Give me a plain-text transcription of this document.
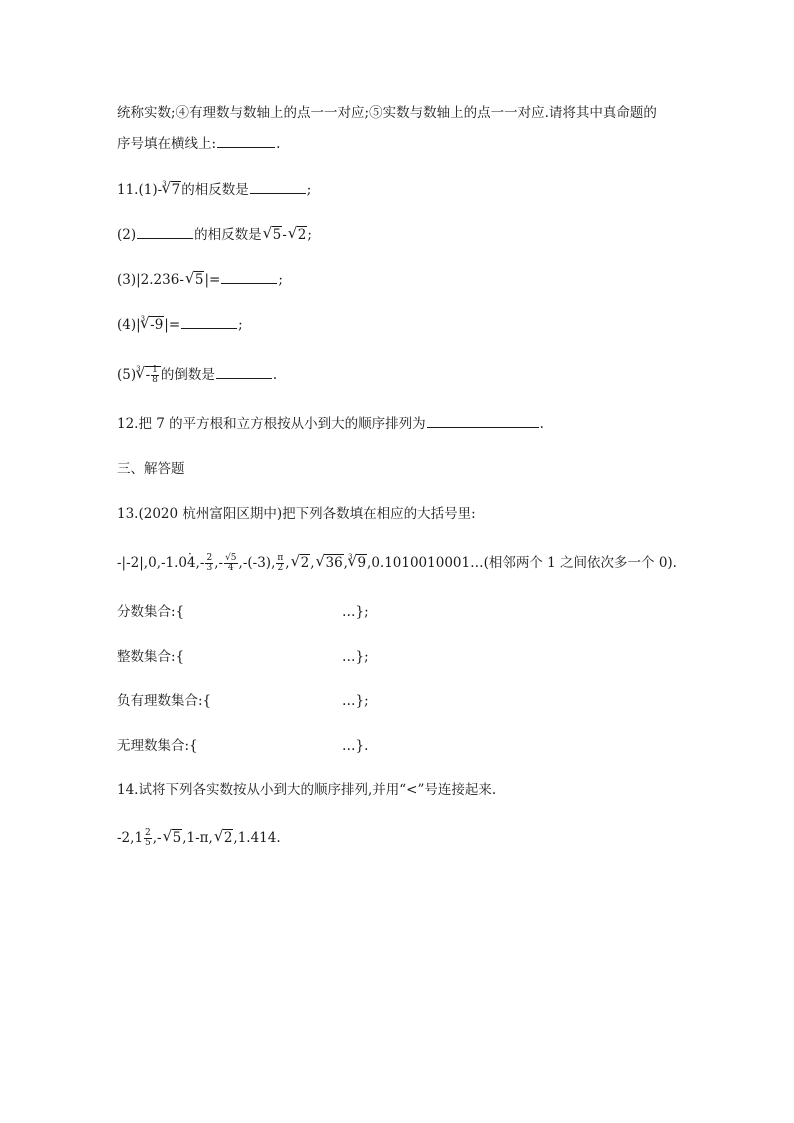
统称实数;④有理数与数轴上的点一一对应;⑤实数与数轴上的点一一对应.请将其中真命题的
序号填在横线上:	.
11.(1)-$^3$√ 7的相反数是	;
(2)	的相反数是√ 5-√ 2;
(3)|2.236-√ 5|=	;
$(4)|^3√$ -9|=	;
$(5)^3√ - \frac{1}{8}$ 的倒数是	.
12.把 7 的平方根和立方根按从小到大的顺序排列为	.
三、解答题
13.(2020 杭州富阳区期中)把下列各数填在相应的大括号里:
-|-2|,0,-1.04 ·,- $\frac{2}{3}$ ,- $\frac{√5}{4} ,-(-3)$, $\frac{\pi}{2}$ ,√ 2,√ 36,$^3$√ 9,0.1010010001…(相邻两个 1 之间依次多一个 0).
分数集合:{	…};
整数集合:{	…};
负有理数集合:{	…};
无理数集合:{	…}.
14.试将下列各实数按从小到大的顺序排列,并用“<”号连接起来.
$-2,1 \frac{2}{5}$ ,-√ 5,1-π,√ 2,1.414.
